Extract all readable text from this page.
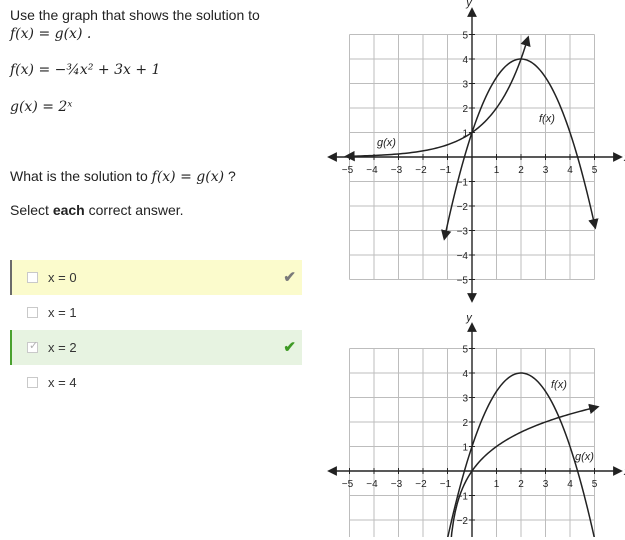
Use the graph that shows the solution to
f(x) = g(x) .
f(x) = −¾x² + 3x + 1
g(x) = 2ˣ
What is the solution to f(x) = g(x) ?
Select each correct answer.
x = 0	✔
x = 1
✓ x = 2	✔
x = 4
−5 −4 −3 −2 −1	1 2 3 4 5
5
4
3
2
1
−1
−2
−3
−4
−5
y
f(x)
g(x)
−5 −4 −3 −2 −1	1 2 3 4 5
5
4
3
2
1
−1
−2
y
f(x)
g(x)
